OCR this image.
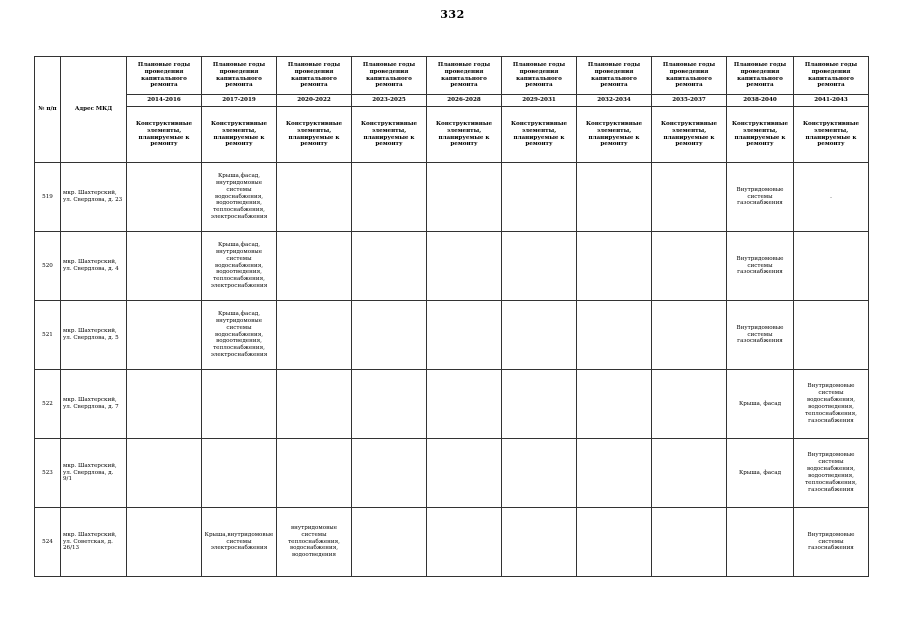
332
№ п/п	Адрес МКД	Плановые годы проведения капитального ремонта	Плановые годы проведения капитального ремонта	Плановые годы проведения капитального ремонта	Плановые годы проведения капитального ремонта	Плановые годы проведения капитального ремонта	Плановые годы проведения капитального ремонта	Плановые годы проведения капитального ремонта	Плановые годы проведения капитального ремонта	Плановые годы проведения капитального ремонта	Плановые годы проведения капитального ремонта
		2014-2016	2017-2019	2020-2022	2023-2025	2026-2028	2029-2031	2032-2034	2035-2037	2038-2040	2041-2043
		Конструктивные элементы, планируемые к ремонту	Конструктивные элементы, планируемые к ремонту	Конструктивные элементы, планируемые к ремонту	Конструктивные элементы, планируемые к ремонту	Конструктивные элементы, планируемые к ремонту	Конструктивные элементы, планируемые к ремонту	Конструктивные элементы, планируемые к ремонту	Конструктивные элементы, планируемые к ремонту	Конструктивные элементы, планируемые к ремонту	Конструктивные элементы, планируемые к ремонту
519	мкр. Шахтерский, ул. Свердлова, д. 23		Крыша,фасад, внутридомовые системы водоснабжения, водоотведения, теплоснабжения, электроснабжения							Внутридомовые системы газоснабжения	.
520	мкр. Шахтерский, ул. Свердлова, д. 4		Крыша,фасад, внутридомовые системы водоснабжения, водоотведения, теплоснабжения, электроснабжения							Внутридомовые системы газоснабжения	
521	мкр. Шахтерский, ул. Свердлова, д. 5		Крыша,фасад, внутридомовые системы водоснабжения, водоотведения, теплоснабжения, электроснабжения							Внутридомовые системы газоснабжения	
522	мкр. Шахтерский, ул. Свердлова, д. 7									Крыша, фасад	Внутридомовые системы водоснабжения, водоотведения, теплоснабжения, газоснабжения
523	мкр. Шахтерский, ул. Свердлова, д. 9/1									Крыша, фасад	Внутридомовые системы водоснабжения, водоотведения, теплоснабжения, газоснабжения
524	мкр. Шахтерский, ул. Советская, д. 26/13		Крыша,внутридомовые системы электроснабжения	внутридомовые системы теплоснабжения, водоснабжения, водоотведения							Внутридомовые системы газоснабжения
